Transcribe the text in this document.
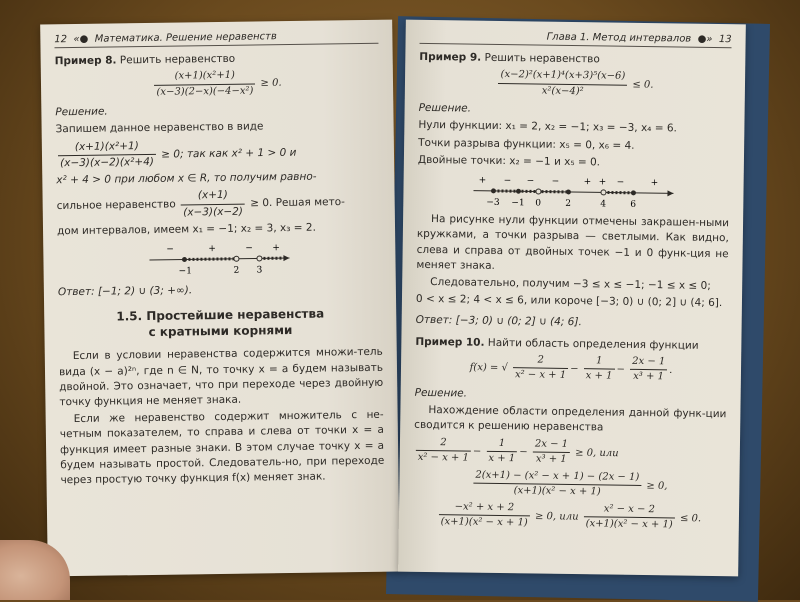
12  «●  Математика. Решение неравенств
Пример 8. Решить неравенство
$\frac{\text{(x+1)(x²+1)}}{\text{(x−3)(2−x)(−4−x²)}} \ge 0$.
Решение.
Запишем данное неравенство в виде
$\frac{\text{(x+1)(x²+1)}}{\text{(x−3)(x−2)(x²+4)}} \ge 0$; так как x² + 1 > 0 и
x² + 4 > 0 при любом x ∈ R, то получим равно-
сильное неравенство $\frac{(x+1)}{(x-3)(x-2)} \ge 0$. Решая мето-
дом интервалов, имеем x₁ = −1; x₂ = 3, x₃ = 2.
−	+	− +
−1	2 3
Ответ: [−1; 2) ∪ (3; +∞).
1.5. Простейшие неравенства
с кратными корнями
Если в условии неравенства содержится множи-тель вида (x − a)²ⁿ, где n ∈ N, то точку x = a будем называть двойной. Это означает, что при переходе через двойную точку функция не меняет знака.
Если же неравенство содержит множитель с не-четным показателем, то справа и слева от точки x = a функция имеет разные знаки. В этом случае точку x = a будем называть простой. Следователь-но, при переходе через простую точку функция f(x) меняет знак.
Глава 1. Метод интервалов  ●»  13
Пример 9. Решить неравенство
$\frac{\text{(x−2)²(x+1)⁴(x+3)⁵(x−6)}}{\text{x²(x−4)²}} \le 0$.
Решение.
Нули функции: x₁ = 2, x₂ = −1; x₃ = −3, x₄ = 6.
Точки разрыва функции: x₅ = 0, x₆ = 4.
Двойные точки: x₂ = −1 и x₅ = 0.
+ − − −	+ + −	+
−3 −1 0	2	4	6
На рисунке нули функции отмечены закрашен-ными кружками, а точки разрыва — светлыми. Как видно, слева и справа от двойных точек −1 и 0 функ-ция не меняет знака.
Следовательно, получим −3 ≤ x ≤ −1; −1 ≤ x ≤ 0;
0 < x ≤ 2; 4 < x ≤ 6, или короче [−3; 0) ∪ (0; 2] ∪ (4; 6].
Ответ: [−3; 0) ∪ (0; 2] ∪ (4; 6].
Пример 10. Найти область определения функции
f(x) = √ $\frac{2}{\text{x² − x + 1}} - \frac{1}{x + 1} - \frac{2x - 1}{\text{x³ + 1}}$ .
Решение.
Нахождение области определения данной функ-ции сводится к решению неравенства
$\frac{2}{\text{x² − x + 1}} - \frac{1}{x + 1} - \frac{2x - 1}{\text{x³ + 1}} \ge 0$, или
$\frac{\text{2(x+1) − (x² − x + 1) − (2x − 1)}}{\text{(x+1)(x² − x + 1)}} \ge 0$,
$\frac{\text{−x² + x + 2}}{\text{(x+1)(x² − x + 1)}} \ge 0$, или $\frac{\text{x² − x − 2}}{\text{(x+1)(x² − x + 1)}} \le 0$.
